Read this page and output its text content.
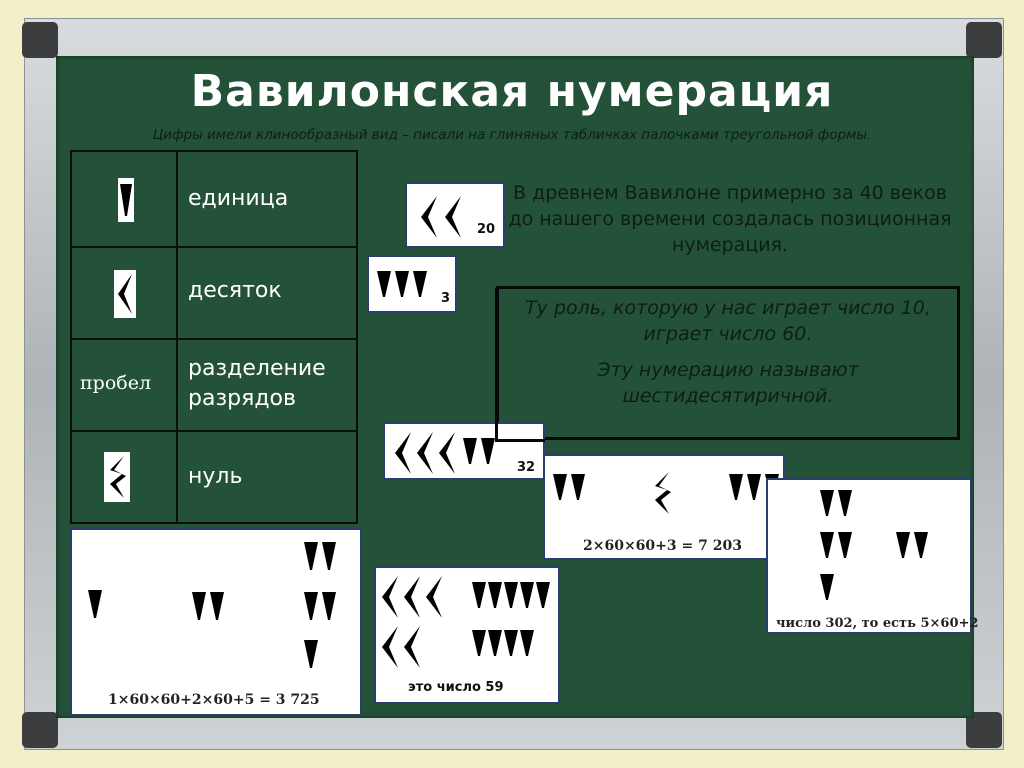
Вавилонская нумерация
Цифры имели клинообразный вид – писали на глиняных табличках палочками треугольной формы.
единица
десяток
пробел
разделение разрядов
нуль
В древнем Вавилоне примерно за 40 веков до нашего времени создалась позиционная нумерация.

Ту роль, которую у нас играет число 10, играет число 60.

Эту нумерацию называют шестидесятиричной.

20
3
32
2×60×60+3 = 7 203
число 302, то есть 5×60+2
это число 59
1×60×60+2×60+5 = 3 725
